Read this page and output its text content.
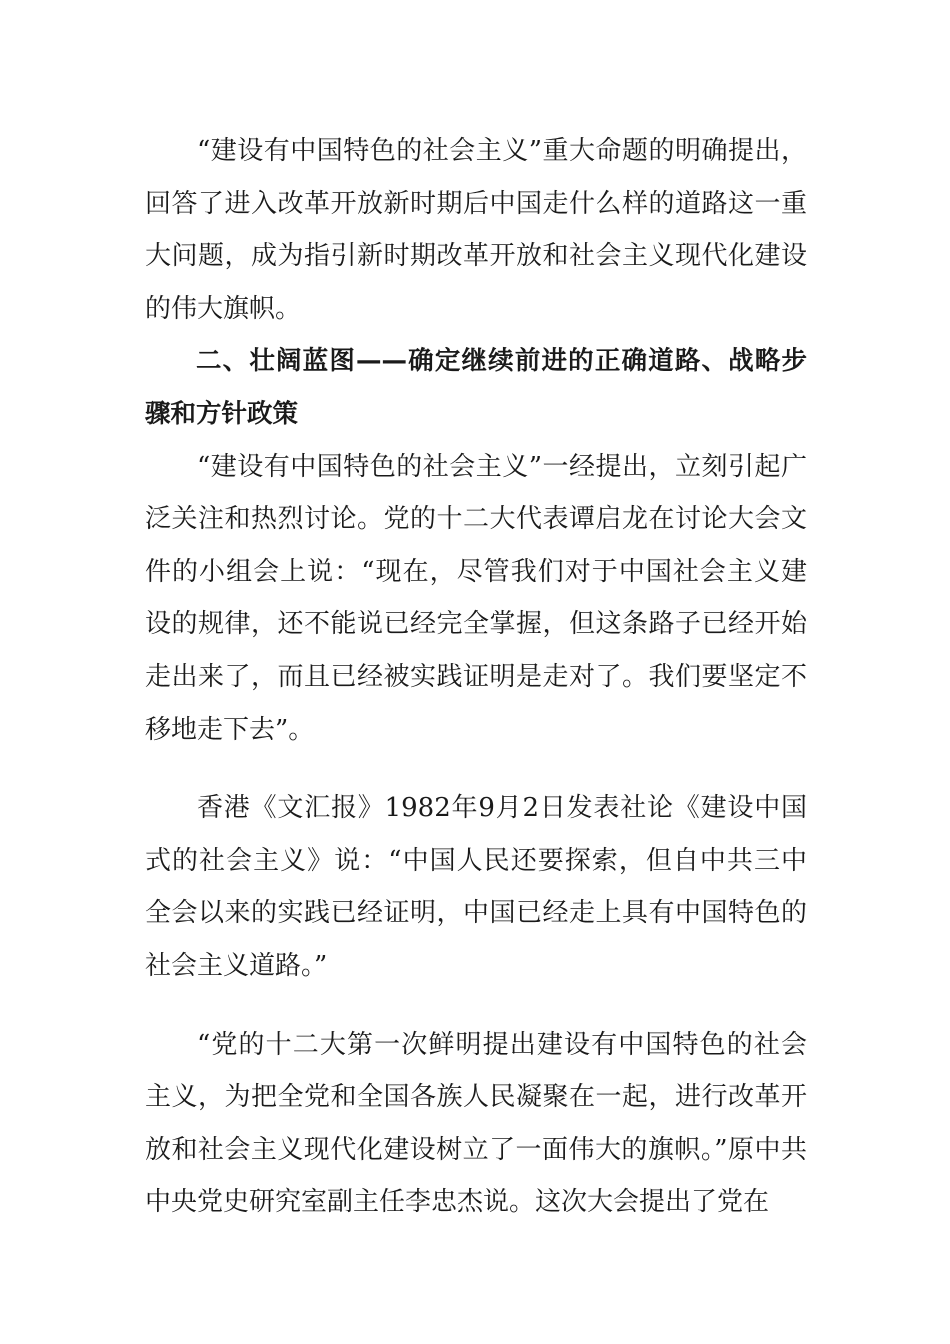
“建设有中国特色的社会主义”重大命题的明确提出，回答了进入改革开放新时期后中国走什么样的道路这一重大问题，成为指引新时期改革开放和社会主义现代化建设的伟大旗帜。

二、壮阔蓝图——确定继续前进的正确道路、战略步骤和方针政策

“建设有中国特色的社会主义”一经提出，立刻引起广泛关注和热烈讨论。党的十二大代表谭启龙在讨论大会文件的小组会上说：“现在，尽管我们对于中国社会主义建设的规律，还不能说已经完全掌握，但这条路子已经开始走出来了，而且已经被实践证明是走对了。我们要坚定不移地走下去”。

香港《文汇报》1982年9月2日发表社论《建设中国式的社会主义》说：“中国人民还要探索，但自中共三中全会以来的实践已经证明，中国已经走上具有中国特色的社会主义道路。”

“党的十二大第一次鲜明提出建设有中国特色的社会主义，为把全党和全国各族人民凝聚在一起，进行改革开放和社会主义现代化建设树立了一面伟大的旗帜。”原中共中央党史研究室副主任李忠杰说。这次大会提出了党在
